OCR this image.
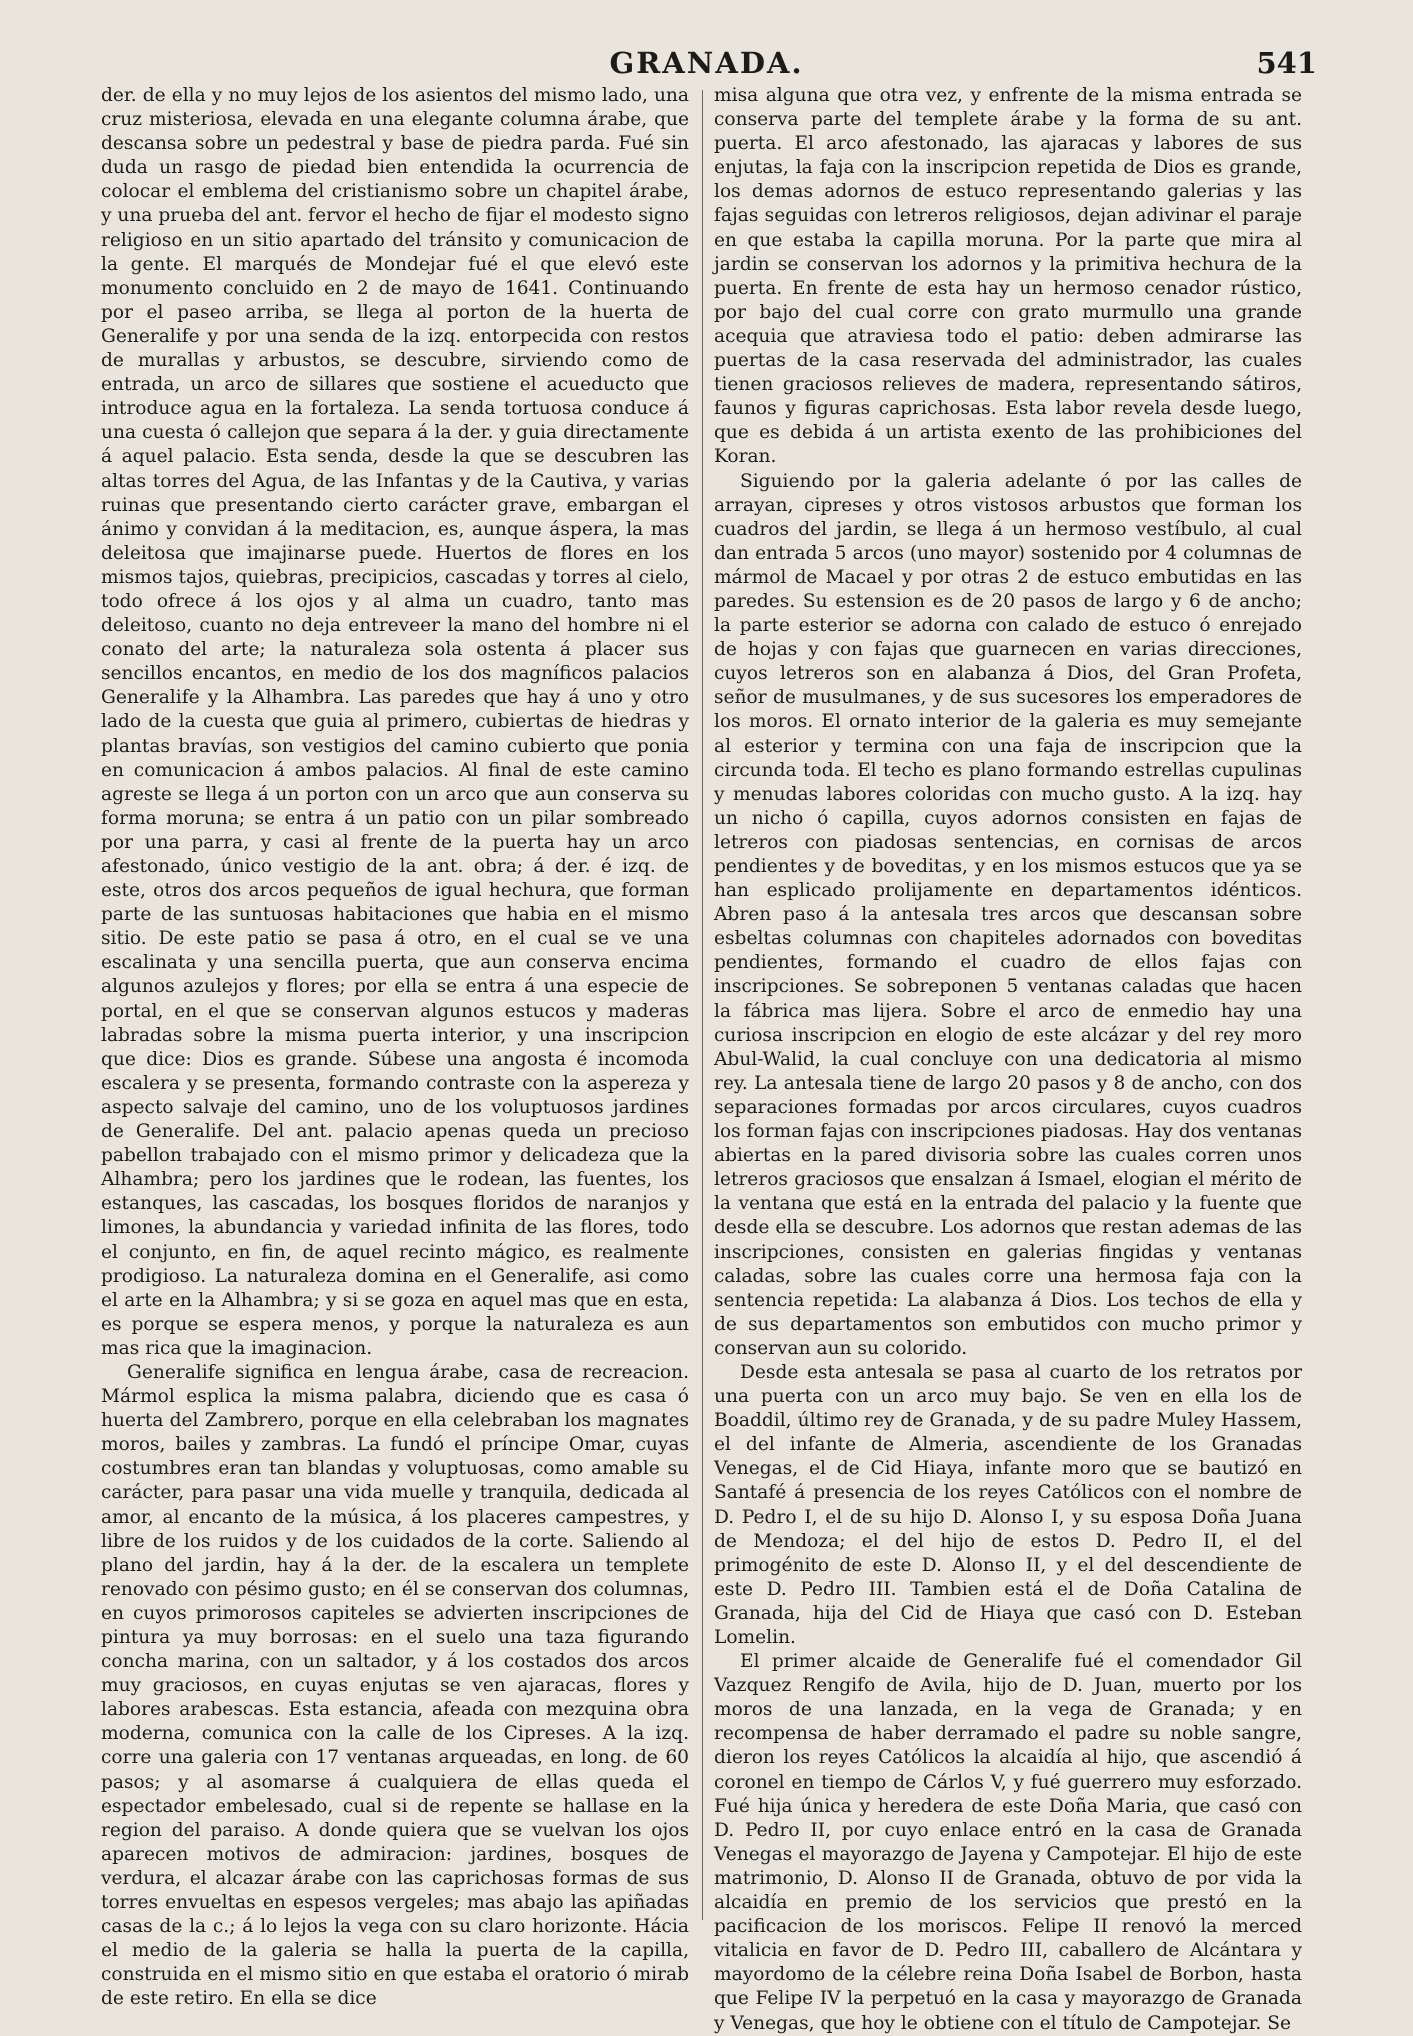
GRANADA.	541

der. de ella y no muy lejos de los asientos del mismo lado, una cruz misteriosa, elevada en una elegante columna árabe, que descansa sobre un pedestral y base de piedra parda. Fué sin duda un rasgo de piedad bien entendida la ocurrencia de colocar el emblema del cristianismo sobre un chapitel árabe, y una prueba del ant. fervor el hecho de fijar el modesto signo religioso en un sitio apartado del tránsito y comunicacion de la gente. El marqués de Mondejar fué el que elevó este monumento concluido en 2 de mayo de 1641. Continuando por el paseo arriba, se llega al porton de la huerta de Generalife y por una senda de la izq. entorpecida con restos de murallas y arbustos, se descubre, sirviendo como de entrada, un arco de sillares que sostiene el acueducto que introduce agua en la fortaleza. La senda tortuosa conduce á una cuesta ó callejon que separa á la der. y guia directamente á aquel palacio. Esta senda, desde la que se descubren las altas torres del Agua, de las Infantas y de la Cautiva, y varias ruinas que presentando cierto carácter grave, embargan el ánimo y convidan á la meditacion, es, aunque áspera, la mas deleitosa que imajinarse puede. Huertos de flores en los mismos tajos, quiebras, precipicios, cascadas y torres al cielo, todo ofrece á los ojos y al alma un cuadro, tanto mas deleitoso, cuanto no deja entreveer la mano del hombre ni el conato del arte; la naturaleza sola ostenta á placer sus sencillos encantos, en medio de los dos magníficos palacios Generalife y la Alhambra. Las paredes que hay á uno y otro lado de la cuesta que guia al primero, cubiertas de hiedras y plantas bravías, son vestigios del camino cubierto que ponia en comunicacion á ambos palacios. Al final de este camino agreste se llega á un porton con un arco que aun conserva su forma moruna; se entra á un patio con un pilar sombreado por una parra, y casi al frente de la puerta hay un arco afestonado, único vestigio de la ant. obra; á der. é izq. de este, otros dos arcos pequeños de igual hechura, que forman parte de las suntuosas habitaciones que habia en el mismo sitio. De este patio se pasa á otro, en el cual se ve una escalinata y una sencilla puerta, que aun conserva encima algunos azulejos y flores; por ella se entra á una especie de portal, en el que se conservan algunos estucos y maderas labradas sobre la misma puerta interior, y una inscripcion que dice: Dios es grande. Súbese una angosta é incomoda escalera y se presenta, formando contraste con la aspereza y aspecto salvaje del camino, uno de los voluptuosos jardines de Generalife. Del ant. palacio apenas queda un precioso pabellon trabajado con el mismo primor y delicadeza que la Alhambra; pero los jardines que le rodean, las fuentes, los estanques, las cascadas, los bosques floridos de naranjos y limones, la abundancia y variedad infinita de las flores, todo el conjunto, en fin, de aquel recinto mágico, es realmente prodigioso. La naturaleza domina en el Generalife, asi como el arte en la Alhambra; y si se goza en aquel mas que en esta, es porque se espera menos, y porque la naturaleza es aun mas rica que la imaginacion.

Generalife significa en lengua árabe, casa de recreacion. Mármol esplica la misma palabra, diciendo que es casa ó huerta del Zambrero, porque en ella celebraban los magnates moros, bailes y zambras. La fundó el príncipe Omar, cuyas costumbres eran tan blandas y voluptuosas, como amable su carácter, para pasar una vida muelle y tranquila, dedicada al amor, al encanto de la música, á los placeres campestres, y libre de los ruidos y de los cuidados de la corte. Saliendo al plano del jardin, hay á la der. de la escalera un templete renovado con pésimo gusto; en él se conservan dos columnas, en cuyos primorosos capiteles se advierten inscripciones de pintura ya muy borrosas: en el suelo una taza figurando concha marina, con un saltador, y á los costados dos arcos muy graciosos, en cuyas enjutas se ven ajaracas, flores y labores arabescas. Esta estancia, afeada con mezquina obra moderna, comunica con la calle de los Cipreses. A la izq. corre una galeria con 17 ventanas arqueadas, en long. de 60 pasos; y al asomarse á cualquiera de ellas queda el espectador embelesado, cual si de repente se hallase en la region del paraiso. A donde quiera que se vuelvan los ojos aparecen motivos de admiracion: jardines, bosques de verdura, el alcazar árabe con las caprichosas formas de sus torres envueltas en espesos vergeles; mas abajo las apiñadas casas de la c.; á lo lejos la vega con su claro horizonte. Hácia el medio de la galeria se halla la puerta de la capilla, construida en el mismo sitio en que estaba el oratorio ó mirab de este retiro. En ella se dice

misa alguna que otra vez, y enfrente de la misma entrada se conserva parte del templete árabe y la forma de su ant. puerta. El arco afestonado, las ajaracas y labores de sus enjutas, la faja con la inscripcion repetida de Dios es grande, los demas adornos de estuco representando galerias y las fajas seguidas con letreros religiosos, dejan adivinar el paraje en que estaba la capilla moruna. Por la parte que mira al jardin se conservan los adornos y la primitiva hechura de la puerta. En frente de esta hay un hermoso cenador rústico, por bajo del cual corre con grato murmullo una grande acequia que atraviesa todo el patio: deben admirarse las puertas de la casa reservada del administrador, las cuales tienen graciosos relieves de madera, representando sátiros, faunos y figuras caprichosas. Esta labor revela desde luego, que es debida á un artista exento de las prohibiciones del Koran.

Siguiendo por la galeria adelante ó por las calles de arrayan, cipreses y otros vistosos arbustos que forman los cuadros del jardin, se llega á un hermoso vestíbulo, al cual dan entrada 5 arcos (uno mayor) sostenido por 4 columnas de mármol de Macael y por otras 2 de estuco embutidas en las paredes. Su estension es de 20 pasos de largo y 6 de ancho; la parte esterior se adorna con calado de estuco ó enrejado de hojas y con fajas que guarnecen en varias direcciones, cuyos letreros son en alabanza á Dios, del Gran Profeta, señor de musulmanes, y de sus sucesores los emperadores de los moros. El ornato interior de la galeria es muy semejante al esterior y termina con una faja de inscripcion que la circunda toda. El techo es plano formando estrellas cupulinas y menudas labores coloridas con mucho gusto. A la izq. hay un nicho ó capilla, cuyos adornos consisten en fajas de letreros con piadosas sentencias, en cornisas de arcos pendientes y de boveditas, y en los mismos estucos que ya se han esplicado prolijamente en departamentos idénticos. Abren paso á la antesala tres arcos que descansan sobre esbeltas columnas con chapiteles adornados con boveditas pendientes, formando el cuadro de ellos fajas con inscripciones. Se sobreponen 5 ventanas caladas que hacen la fábrica mas lijera. Sobre el arco de enmedio hay una curiosa inscripcion en elogio de este alcázar y del rey moro Abul-Walid, la cual concluye con una dedicatoria al mismo rey. La antesala tiene de largo 20 pasos y 8 de ancho, con dos separaciones formadas por arcos circulares, cuyos cuadros los forman fajas con inscripciones piadosas. Hay dos ventanas abiertas en la pared divisoria sobre las cuales corren unos letreros graciosos que ensalzan á Ismael, elogian el mérito de la ventana que está en la entrada del palacio y la fuente que desde ella se descubre. Los adornos que restan ademas de las inscripciones, consisten en galerias fingidas y ventanas caladas, sobre las cuales corre una hermosa faja con la sentencia repetida: La alabanza á Dios. Los techos de ella y de sus departamentos son embutidos con mucho primor y conservan aun su colorido.

Desde esta antesala se pasa al cuarto de los retratos por una puerta con un arco muy bajo. Se ven en ella los de Boaddil, último rey de Granada, y de su padre Muley Hassem, el del infante de Almeria, ascendiente de los Granadas Venegas, el de Cid Hiaya, infante moro que se bautizó en Santafé á presencia de los reyes Católicos con el nombre de D. Pedro I, el de su hijo D. Alonso I, y su esposa Doña Juana de Mendoza; el del hijo de estos D. Pedro II, el del primogénito de este D. Alonso II, y el del descendiente de este D. Pedro III. Tambien está el de Doña Catalina de Granada, hija del Cid de Hiaya que casó con D. Esteban Lomelin.

El primer alcaide de Generalife fué el comendador Gil Vazquez Rengifo de Avila, hijo de D. Juan, muerto por los moros de una lanzada, en la vega de Granada; y en recompensa de haber derramado el padre su noble sangre, dieron los reyes Católicos la alcaidía al hijo, que ascendió á coronel en tiempo de Cárlos V, y fué guerrero muy esforzado. Fué hija única y heredera de este Doña Maria, que casó con D. Pedro II, por cuyo enlace entró en la casa de Granada Venegas el mayorazgo de Jayena y Campotejar. El hijo de este matrimonio, D. Alonso II de Granada, obtuvo de por vida la alcaidía en premio de los servicios que prestó en la pacificacion de los moriscos. Felipe II renovó la merced vitalicia en favor de D. Pedro III, caballero de Alcántara y mayordomo de la célebre reina Doña Isabel de Borbon, hasta que Felipe IV la perpetuó en la casa y mayorazgo de Granada y Venegas, que hoy le obtiene con el título de Campotejar. Se
